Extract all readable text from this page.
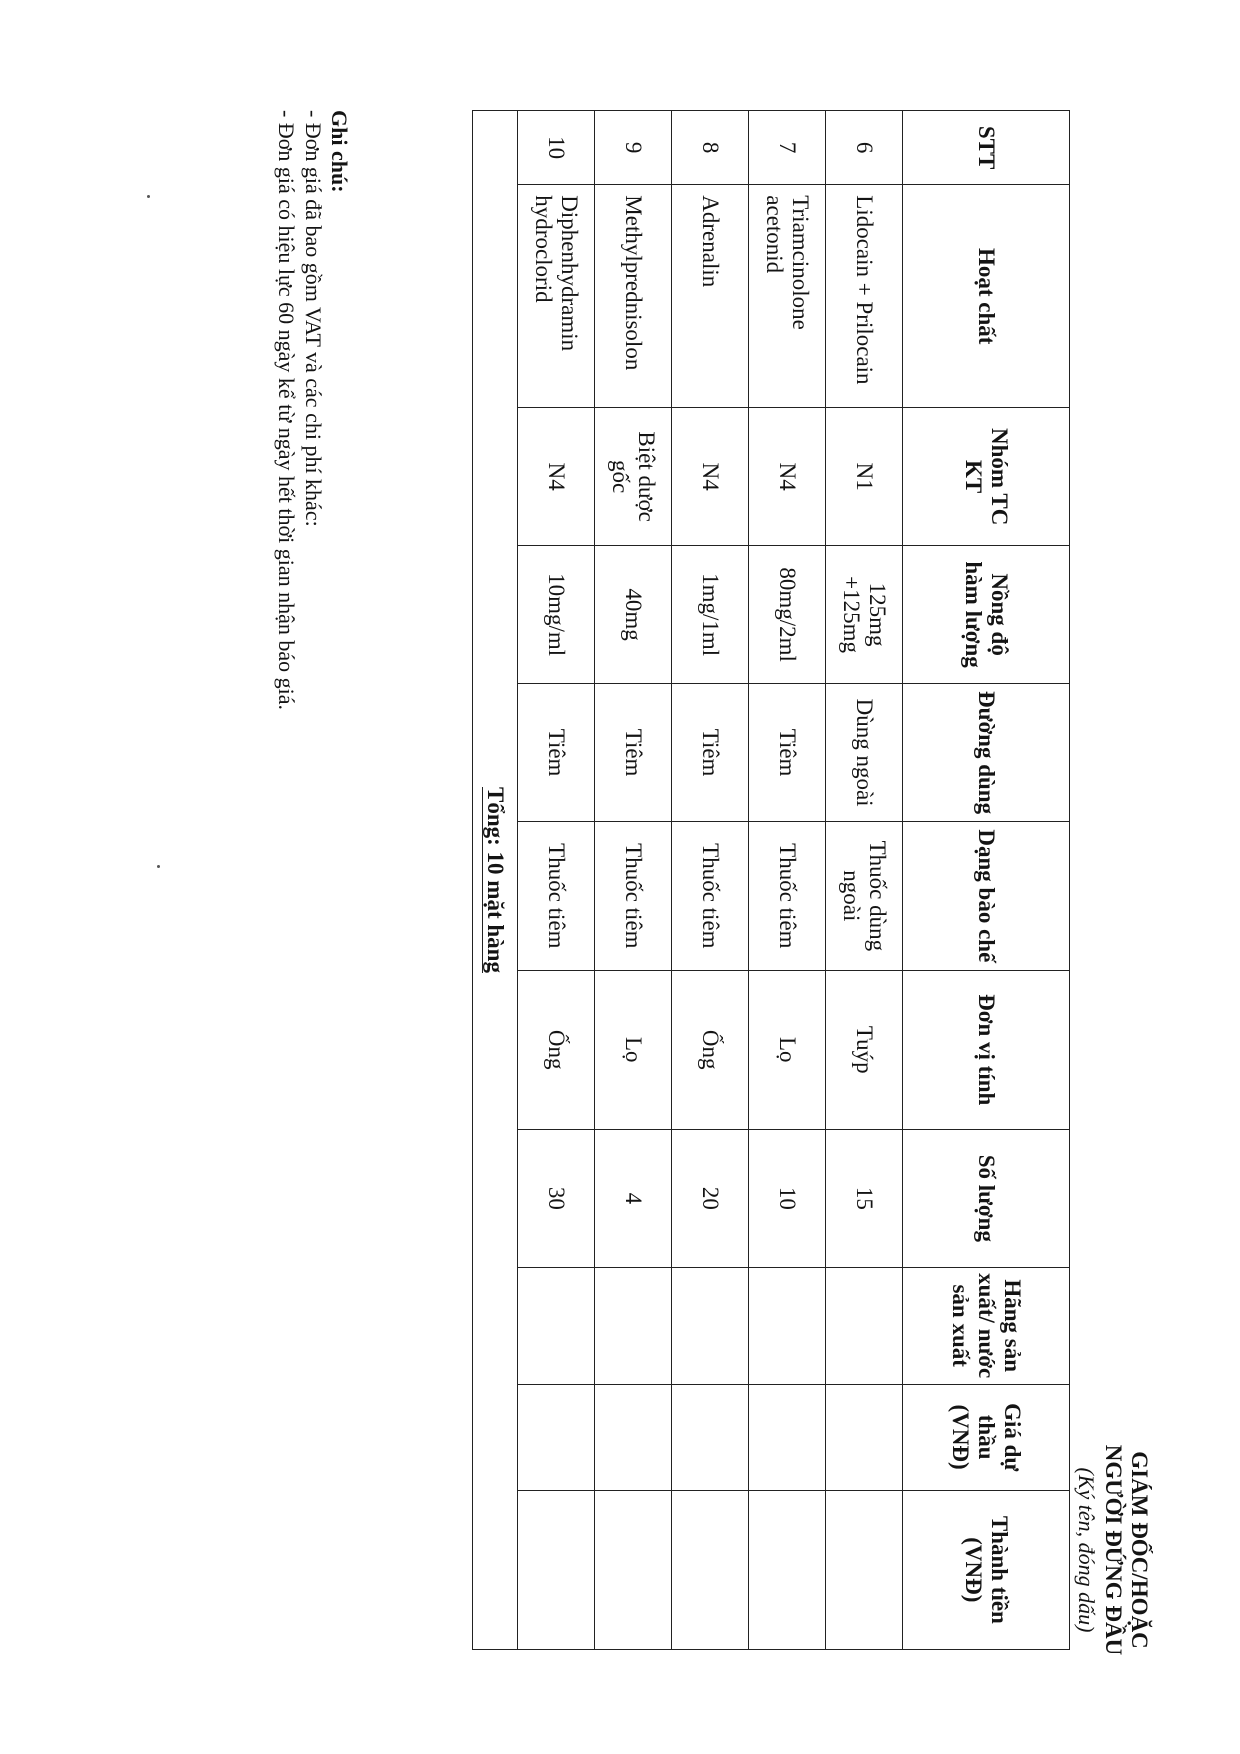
GIÁM ĐỐC/HOẶC
NGƯỜI ĐỨNG ĐẦU
(Ký tên, đóng dấu)
STT	Hoạt chất	Nhóm TC KT	Nồng độ hàm lượng	Đường dùng	Dạng bào chế	Đơn vị tính	Số lượng	Hãng sản xuất/ nước sản xuất	Giá dự thầu (VNĐ)	Thành tiền (VNĐ)
6	Lidocain + Prilocain	N1	125mg +125mg	Dùng ngoài	Thuốc dùng ngoài	Tuýp	15			
7	Triamcinolone acetonid	N4	80mg/2ml	Tiêm	Thuốc tiêm	Lọ	10			
8	Adrenalin	N4	1mg/1ml	Tiêm	Thuốc tiêm	Ống	20			
9	Methylprednisolon	Biệt dược gốc	40mg	Tiêm	Thuốc tiêm	Lọ	4			
10	Diphenhydramin hydroclorid	N4	10mg/ml	Tiêm	Thuốc tiêm	Ống	30			
Tổng: 10 mặt hàng										
Ghi chú:
- Đơn giá đã bao gồm VAT và các chi phí khác:
- Đơn giá có hiệu lực 60 ngày kể từ ngày hết thời gian nhận báo giá.
